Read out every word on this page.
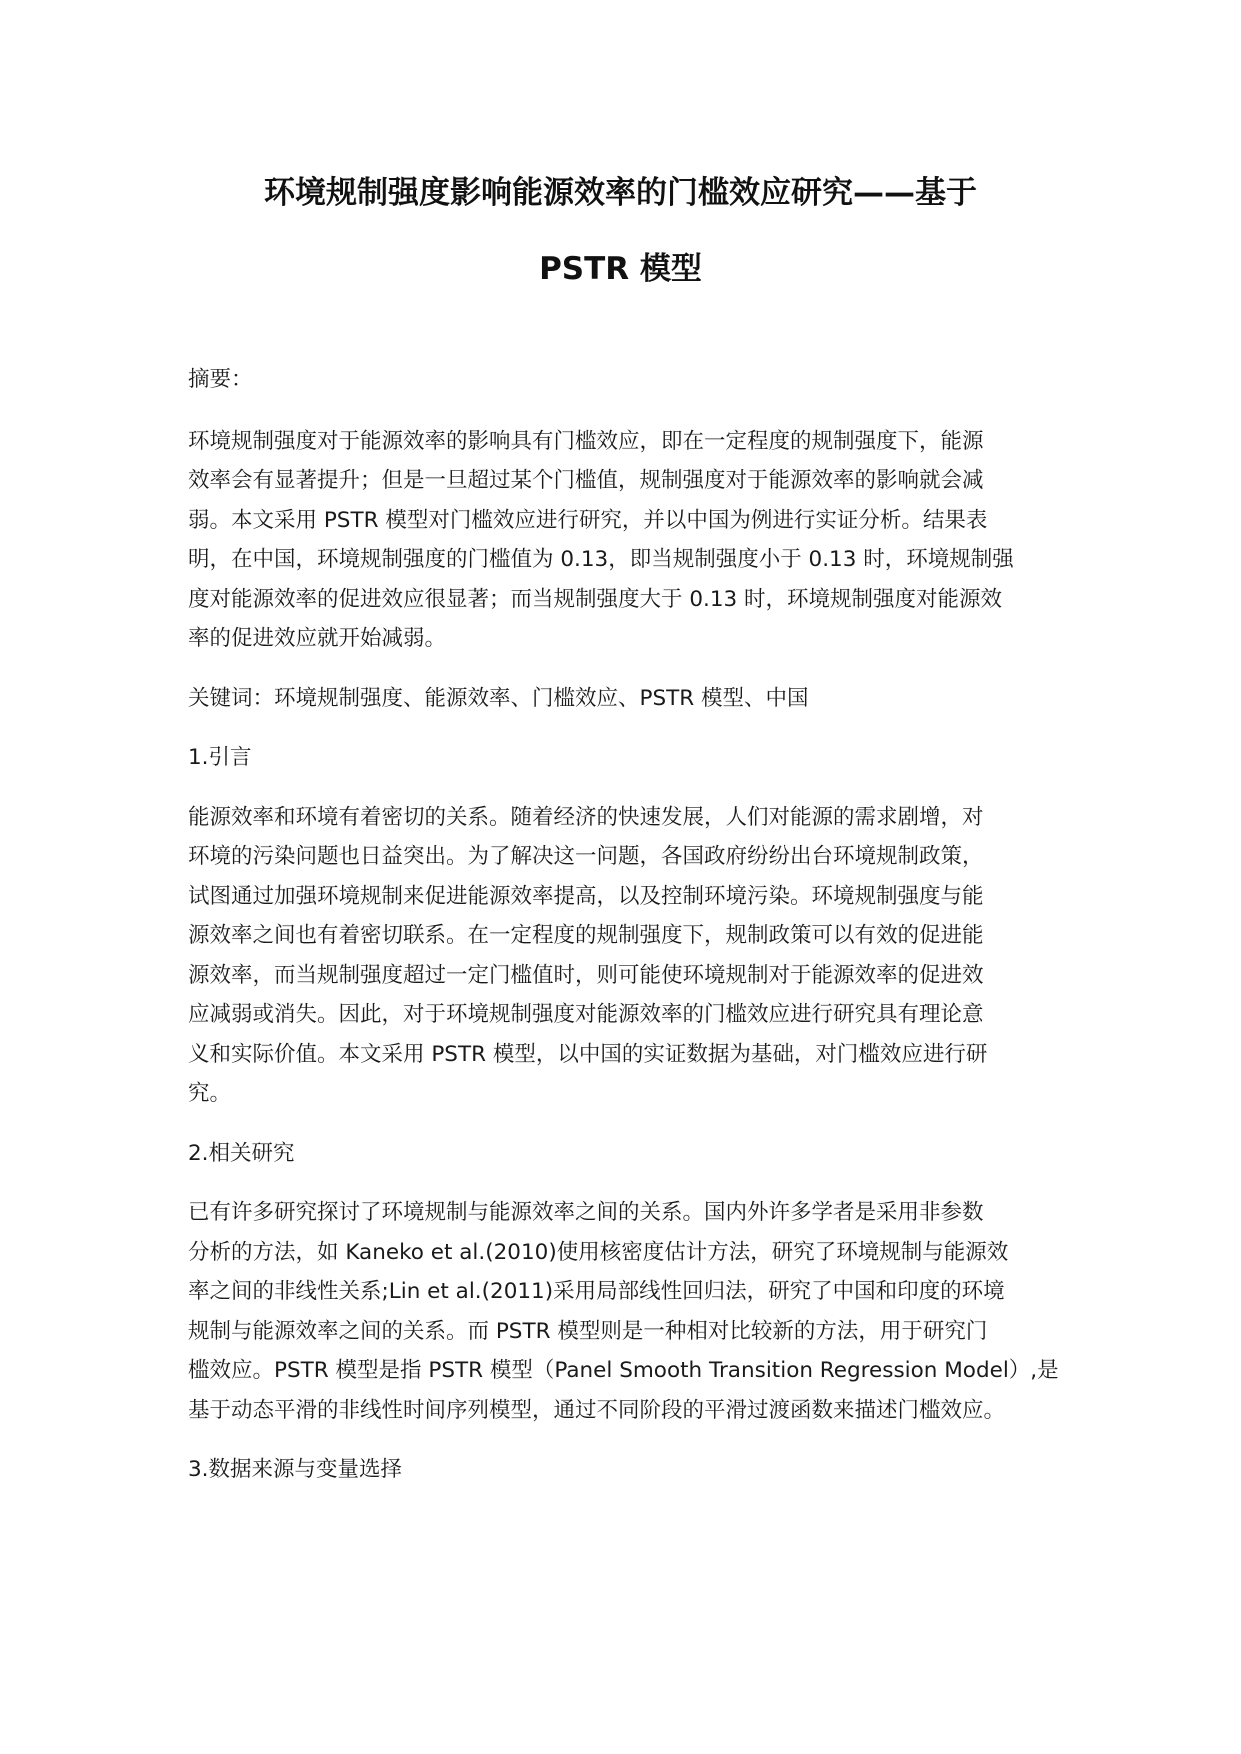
环境规制强度影响能源效率的门槛效应研究——基于

PSTR 模型

摘要：

环境规制强度对于能源效率的影响具有门槛效应，即在一定程度的规制强度下，能源
效率会有显著提升；但是一旦超过某个门槛值，规制强度对于能源效率的影响就会减
弱。本文采用 PSTR 模型对门槛效应进行研究，并以中国为例进行实证分析。结果表
明，在中国，环境规制强度的门槛值为 0.13，即当规制强度小于 0.13 时，环境规制强
度对能源效率的促进效应很显著；而当规制强度大于 0.13 时，环境规制强度对能源效
率的促进效应就开始减弱。

关键词：环境规制强度、能源效率、门槛效应、PSTR 模型、中国

1.引言

能源效率和环境有着密切的关系。随着经济的快速发展，人们对能源的需求剧增，对
环境的污染问题也日益突出。为了解决这一问题，各国政府纷纷出台环境规制政策，
试图通过加强环境规制来促进能源效率提高，以及控制环境污染。环境规制强度与能
源效率之间也有着密切联系。在一定程度的规制强度下，规制政策可以有效的促进能
源效率，而当规制强度超过一定门槛值时，则可能使环境规制对于能源效率的促进效
应减弱或消失。因此，对于环境规制强度对能源效率的门槛效应进行研究具有理论意
义和实际价值。本文采用 PSTR 模型，以中国的实证数据为基础，对门槛效应进行研
究。

2.相关研究

已有许多研究探讨了环境规制与能源效率之间的关系。国内外许多学者是采用非参数
分析的方法，如 Kaneko et al.(2010)使用核密度估计方法，研究了环境规制与能源效
率之间的非线性关系;Lin et al.(2011)采用局部线性回归法，研究了中国和印度的环境
规制与能源效率之间的关系。而 PSTR 模型则是一种相对比较新的方法，用于研究门
槛效应。PSTR 模型是指 PSTR 模型（Panel Smooth Transition Regression Model）,是
基于动态平滑的非线性时间序列模型，通过不同阶段的平滑过渡函数来描述门槛效应。

3.数据来源与变量选择
